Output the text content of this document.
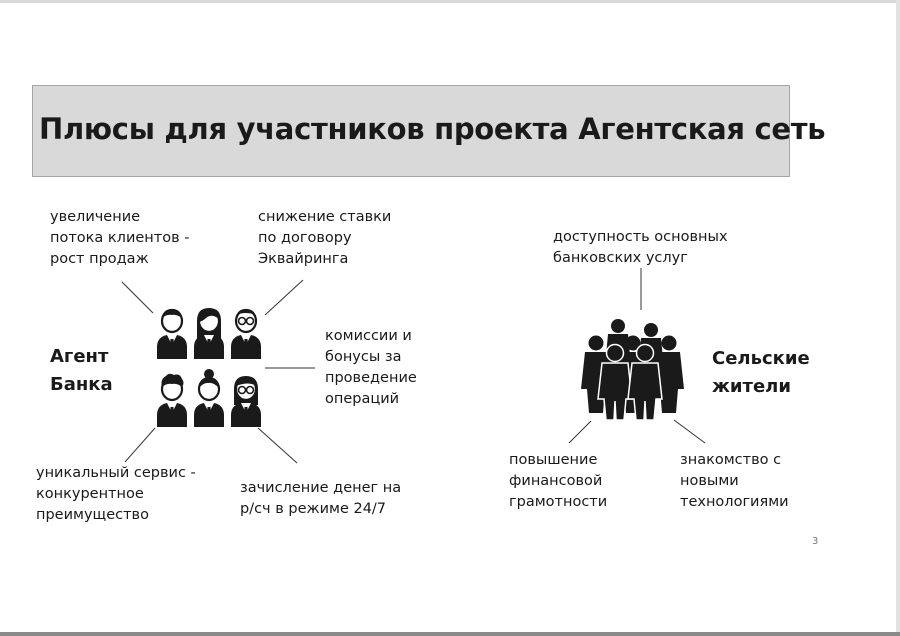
Плюсы для участников проекта Агентская сеть
увеличение
потока клиентов -
рост продаж
снижение ставки
по договору
Эквайринга
Агент
Банка
комиссии и
бонусы за
проведение
операций
уникальный сервис -
конкурентное
преимущество
зачисление денег на
р/сч в режиме 24/7
доступность основных
банковских услуг
Сельские
жители
повышение
финансовой
грамотности
знакомство с
новыми
технологиями
3
